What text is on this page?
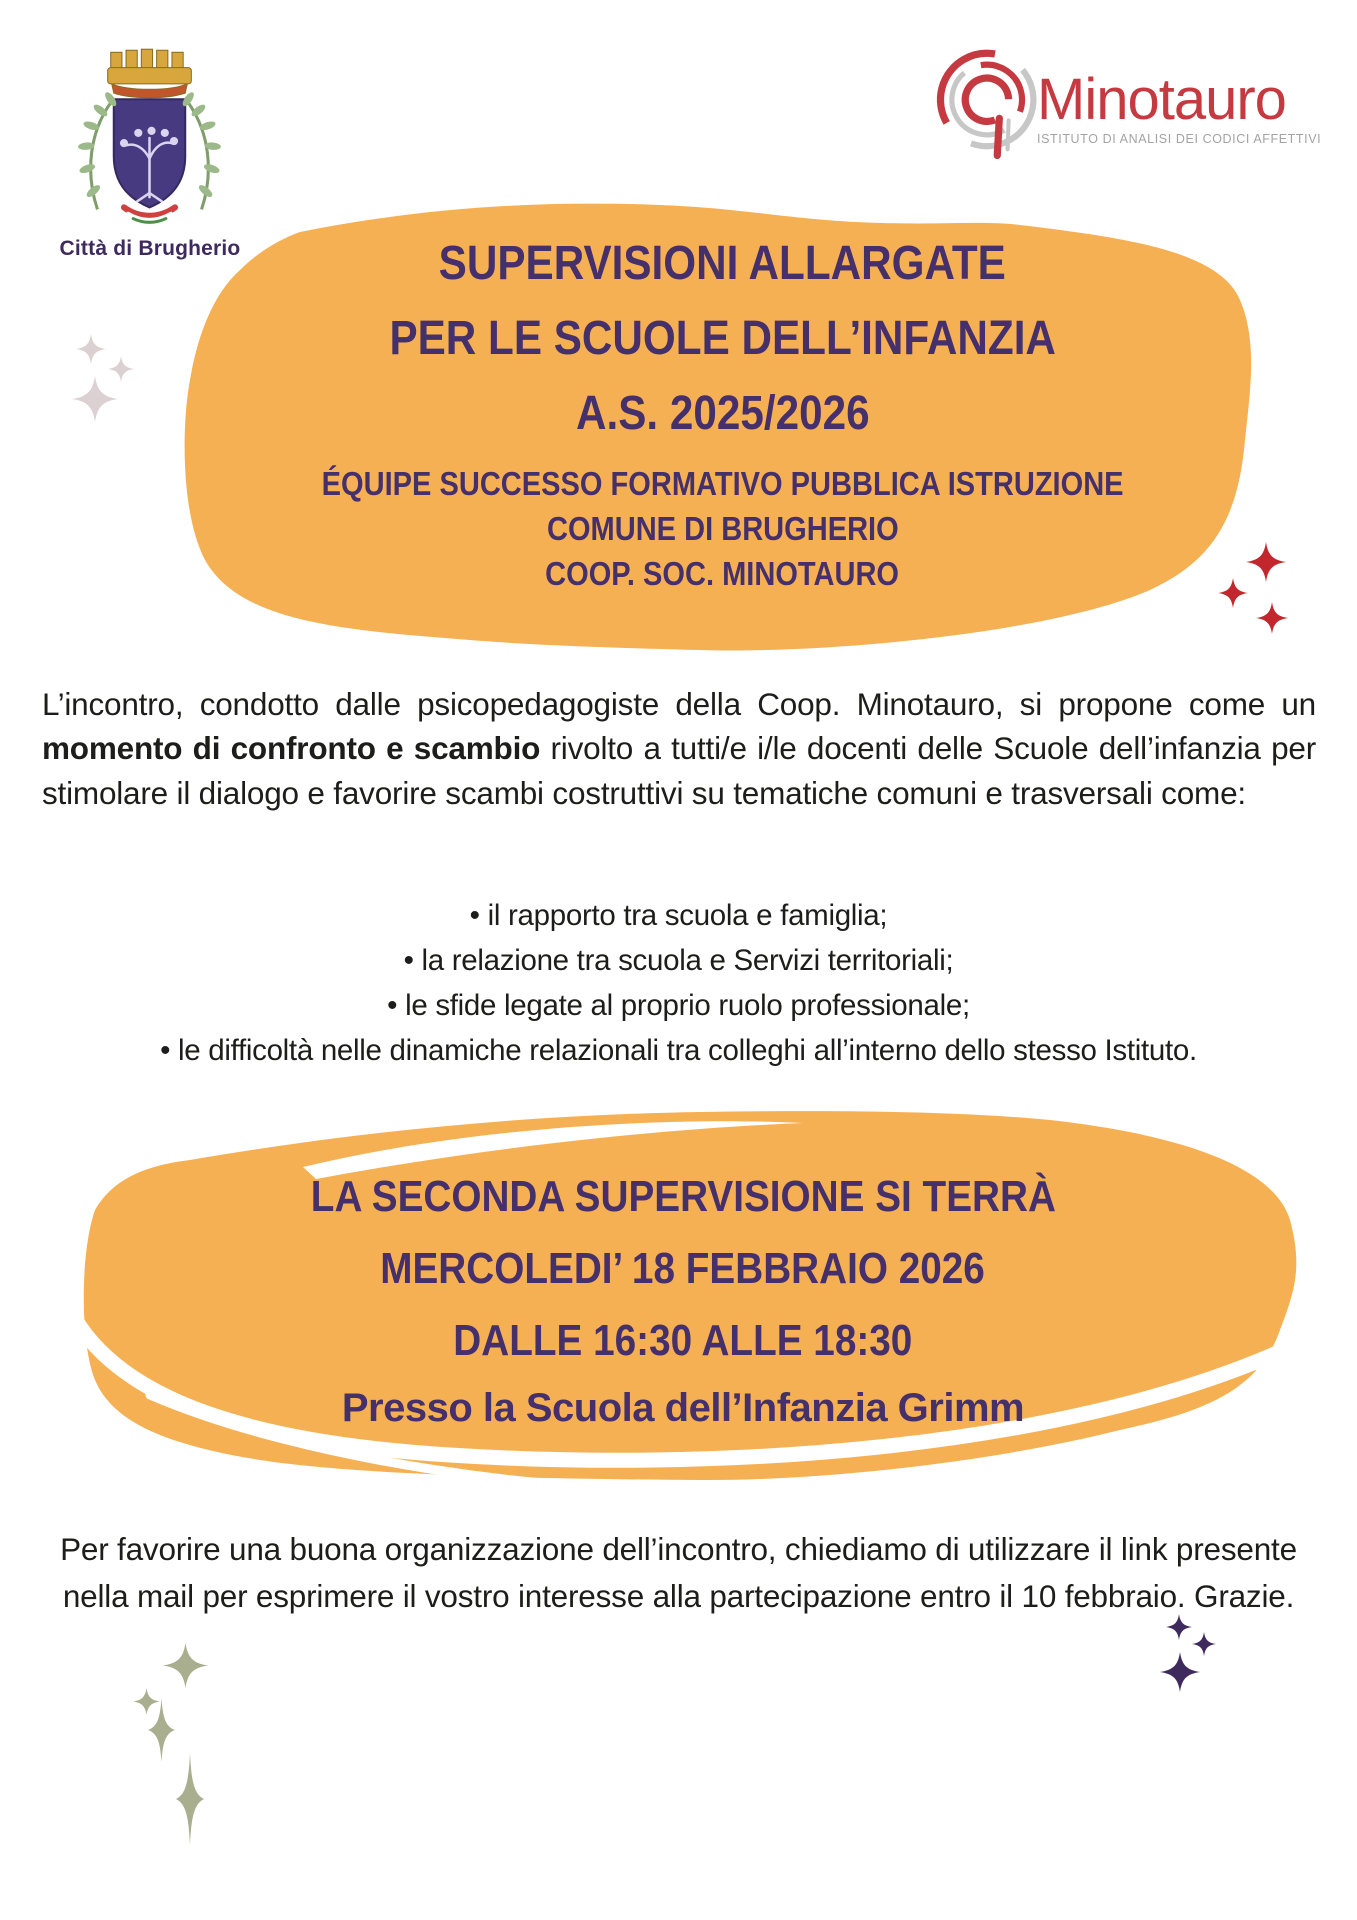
Città di Brugherio
Minotauro
ISTITUTO DI ANALISI DEI CODICI AFFETTIVI
SUPERVISIONI ALLARGATE
PER LE SCUOLE DELL’INFANZIA
A.S. 2025/2026
ÉQUIPE SUCCESSO FORMATIVO PUBBLICA ISTRUZIONE
COMUNE DI BRUGHERIO
COOP. SOC. MINOTAURO

L’incontro, condotto dalle psicopedagogiste della Coop. Minotauro, si propone come un momento di confronto e scambio rivolto a tutti/e i/le docenti delle Scuole dell’infanzia per stimolare il dialogo e favorire scambi costruttivi su tematiche comuni e trasversali come:

• il rapporto tra scuola e famiglia;
• la relazione tra scuola e Servizi territoriali;
• le sfide legate al proprio ruolo professionale;
• le difficoltà nelle dinamiche relazionali tra colleghi all’interno dello stesso Istituto.
LA SECONDA SUPERVISIONE SI TERRÀ
MERCOLEDI’ 18 FEBBRAIO 2026
DALLE 16:30 ALLE 18:30
Presso la Scuola dell’Infanzia Grimm

Per favorire una buona organizzazione dell’incontro, chiediamo di utilizzare il link presente nella mail per esprimere il vostro interesse alla partecipazione entro il 10 febbraio. Grazie.
